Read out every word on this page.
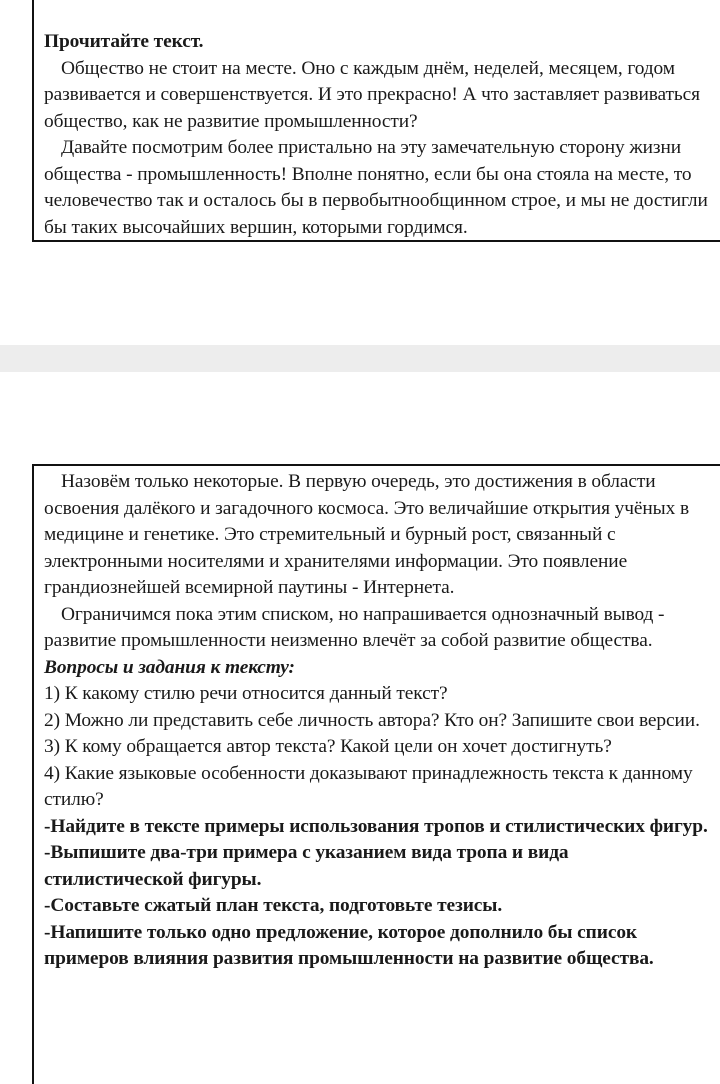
Прочитайте текст.

Общество не стоит на месте. Оно с каждым днём, неделей, месяцем, годом развивается и совершенствуется. И это прекрасно! А что заставляет развиваться общество, как не развитие промышленности?

Давайте посмотрим более пристально на эту замечательную сторону жизни общества - промышленность! Вполне понятно, если бы она стояла на месте, то человечество так и осталось бы в первобытнообщинном строе, и мы не достигли бы таких высочайших вершин, которыми гордимся.

Назовём только некоторые. В первую очередь, это достижения в области освоения далёкого и загадочного космоса. Это величайшие открытия учёных в медицине и генетике. Это стремительный и бурный рост, связанный с электронными носителями и хранителями информации. Это появление грандиознейшей всемирной паутины - Интернета.

Ограничимся пока этим списком, но напрашивается однозначный вывод - развитие промышленности неизменно влечёт за собой развитие общества.

Вопросы и задания к тексту:

1) К какому стилю речи относится данный текст?

2) Можно ли представить себе личность автора? Кто он? Запишите свои версии.

3) К кому обращается автор текста? Какой цели он хочет достигнуть?

4) Какие языковые особенности доказывают принадлежность текста к данному стилю?

-Найдите в тексте примеры использования тропов и стилистических фигур.

-Выпишите два-три примера с указанием вида тропа и вида стилистической фигуры.

-Составьте сжатый план текста, подготовьте тезисы.

-Напишите только одно предложение, которое дополнило бы список примеров влияния развития промышленности на развитие общества.
